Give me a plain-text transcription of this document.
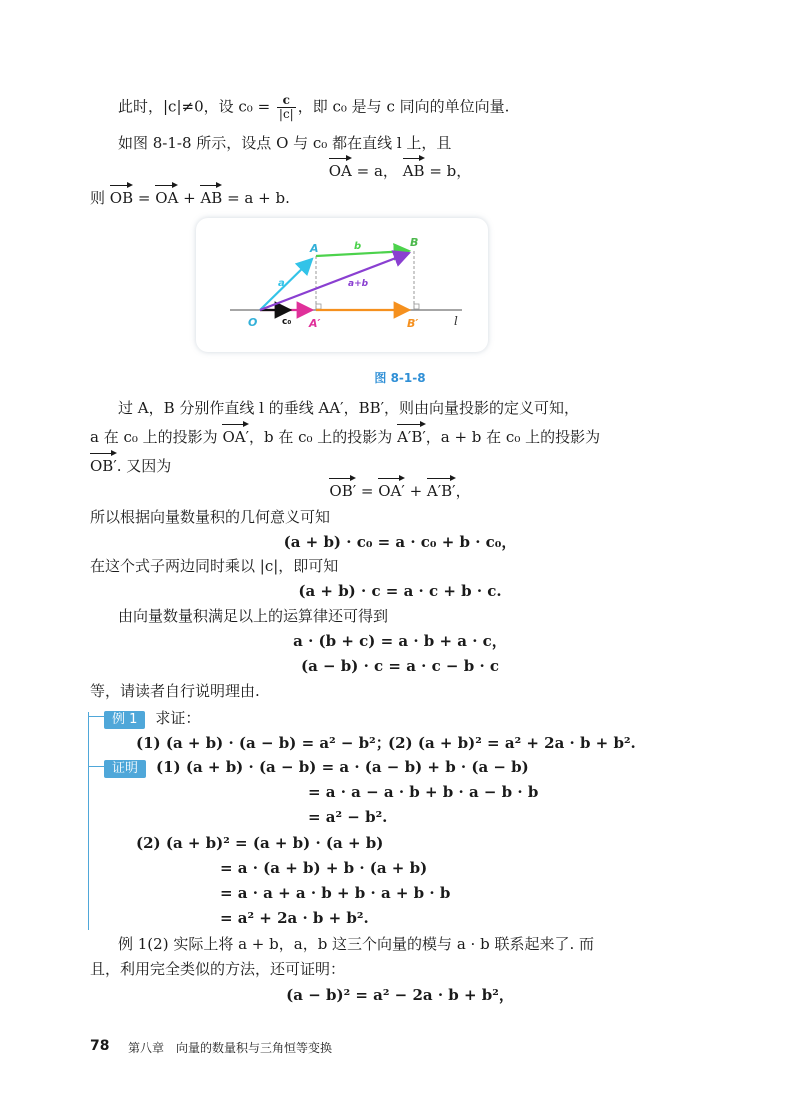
此时，|c|≠0，设 $c_0 = \frac{c}{|c|}$ ，即 c₀ 是与 c 同向的单位向量.
如图 8-1-8 所示，设点 O 与 c₀ 都在直线 l 上，且
OA = a， AB = b，
则 OB = OA + AB = a + b.
O
A	B
A′	B′	l
a
b
a+b
c₀
图 8-1-8
过 A，B 分别作直线 l 的垂线 AA′，BB′，则由向量投影的定义可知，
a 在 c₀ 上的投影为 OA′，b 在 c₀ 上的投影为 A′B′，a + b 在 c₀ 上的投影为
OB′. 又因为
OB′ = OA′ + A′B′，
所以根据向量数量积的几何意义可知
(a + b) · c₀ = a · c₀ + b · c₀，
在这个式子两边同时乘以 |c|，即可知
(a + b) · c = a · c + b · c.
由向量数量积满足以上的运算律还可得到
a · (b + c) = a · b + a · c，
(a − b) · c = a · c − b · c
等，请读者自行说明理由.
例 1 求证：
(1) (a + b) · (a − b) = a² − b²；
(2) (a + b)² = a² + 2a · b + b².
证明 (1) (a + b) · (a − b) = a · (a − b) + b · (a − b)
= a · a − a · b + b · a − b · b
= a² − b².
(2) (a + b)² = (a + b) · (a + b)
= a · (a + b) + b · (a + b)
= a · a + a · b + b · a + b · b
= a² + 2a · b + b².
例 1(2) 实际上将 a + b，a，b 这三个向量的模与 a · b 联系起来了. 而
且，利用完全类似的方法，还可证明：
(a − b)² = a² − 2a · b + b²，
78 第八章　向量的数量积与三角恒等变换
